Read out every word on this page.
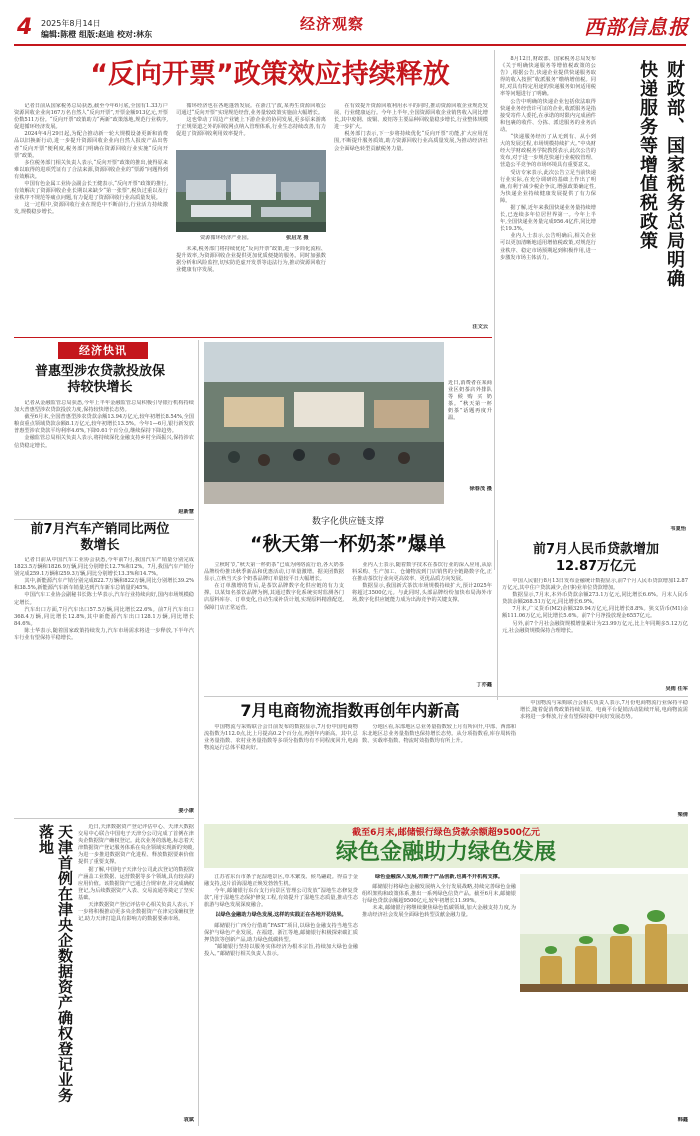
4 2025年8月14日
编辑:陈橙 组版:赵迪 校对:林东
经济观察	西部信息报
“反向开票”政策效应持续释放
记者日前从国家税务总局获悉,截至今年6月底,全国有1.33万户资源回收企业向167万名自然人“反向开票”,开票金额913亿元,开票份数511万份。“反向开票”政策助力“两新”政策落地,规范行业秩序,促进循环经济发展。
2024年4月29日起,为配合推动新一轮大规模设备更新和消费品以旧换新行动,进一步提升资源回收企业向自然人报废产品出售者“反向开票”便利度,税务部门明确在资源回收行业实施“反向开票”政策。
多位税务部门相关负责人表示,“反向开票”政策的推出,使得原来难以取得的进项凭证有了合法来源,资源回收企业的“票源”问题得到有效解决。
中国有色金属工业协会副会长王健表示,“反向开票”政策的推行,有效解决了资源回收企业长期以来缺少“第一张票”,税负过重以及行业秩序不规范等痛点问题,有力促进了资源回收行业高质量发展。
这一过程中,资源回收行业在规范中不断前行,行业活力持续激发,规模稳步增长。
循环经济也在各地蓬勃发展。在浙江宁波,某再生资源回收公司通过“反向开票”实现规范经营,业务量较政策实施前大幅增长。
这也带动了周边产业链上下游企业的协同发展,更多原来游离于正规渠道之外的回收网点纳入管理体系,行业生态持续改善,有力促进了资源回收利用效率提升。
资源循环经济产业园。	张启龙 摄
未来,税务部门将持续优化“反向开票”政策,进一步简化流程、提升效率,为资源回收企业提供更加优质便捷的服务。同时加强数据分析和风险监控,切实防范虚开发票等违法行为,推动资源回收行业健康有序发展。
在有效提升资源回收利用水平的同时,推动资源回收企业规范发展、行业健康运行。今年上半年,全国资源回收企业销售收入同比增长,其中废钢、废铜、废铝等主要品种回收量稳步增长,行业整体规模进一步扩大。
税务部门表示,下一步将持续优化“反向开票”功能,扩大应用范围,不断提升服务质效,助力资源回收行业高质量发展,为推动经济社会全面绿色转型贡献税务力量。
汪文云
8月12日,财政部、国家税务总局发布《关于明确快递服务等增值税政策的公告》,根据公告,快递企业提供快递服务取得的收入按照“收派服务”缴纳增值税。同时,对具有特定用途的快递服务如何适用税率等问题进行了明确。
公告中明确的快递企业包括依法取得快递业务经营许可证的企业,收派服务是指接受寄件人委托,在承诺的时限内完成函件和包裹的收件、分拣、派送服务的业务活动。
“快递服务经历了从无到有、从小到大的发展过程,市场规模持续扩大。”中央财经大学财政税务学院教授表示,此次公告的发布,对于进一步规范快递行业税收管理、营造公平竞争的市场环境具有重要意义。
受访专家表示,此次公告立足当前快递行业实际,在充分调研的基础上作出了明确,有利于减少税企争议,增强政策确定性,为快递企业持续健康发展提供了有力保障。
据了解,近年来我国快递业务量持续增长,已连续多年位居世界第一。今年上半年,全国快递业务量完成956.4亿件,同比增长19.3%。
业内人士表示,公告明确后,相关企业可以更加清晰地适用增值税政策,对规范行业秩序、稳定市场预期起到积极作用,进一步激发市场主体活力。	财政部、国家税务总局明确快递服务等增值税政策
韦夏怡
经济快讯
普惠型涉农贷款投放保持较快增长
记者从金融监管总局获悉,今年上半年金融监管总局积极引导银行机构持续加大普惠型涉农贷款投放力度,保持较快增长态势。
截至6月末,全国普惠型涉农贷款余额13.94万亿元,较年初增长8.54%,全国粮食重点领域贷款余额8.1万亿元,较年初增长13.5%。今年1—6月,银行新发放普惠型涉农贷款平均利率4.6%,下降0.61个百分点,继续保持下降趋势。
金融监管总局相关负责人表示,将持续深化金融支持乡村全面振兴,保持涉农信贷稳定增长。
赵新慧
前7月汽车产销同比两位数增长
记者日前从中国汽车工业协会获悉,今年前7月,我国汽车产销量分别完成1823.5万辆和1826.9万辆,同比分别增长12.7%和12%。7月,我国汽车产销分别完成259.1万辆和259.3万辆,同比分别增长13.3%和14.7%。
其中,新能源汽车产销分别完成822.7万辆和822万辆,同比分别增长39.2%和38.5%,新能源汽车新车销量达到汽车新车总销量的45%。
中国汽车工业协会副秘书长陈士华表示,汽车行业持续向好,国内市场规模稳定增长。
汽车出口方面,7月汽车出口57.5万辆,同比增长22.6%。前7月汽车出口368.4万辆,同比增长12.8%,其中新能源汽车出口128.1万辆,同比增长84.6%。
陈士华表示,随着国家政策持续发力,汽车市场需求将进一步释放,下半年汽车行业有望保持平稳增长。
姜小康
天津首例在津央企数据资产确权登记业务落地	近日,天津数据资产登记评估中心、天津大数据交易中心联合中国电子天津分公司完成了首例在津央企数据资产确权登记。此次业务的落地,标志着天津数据资产登记服务体系在央企领域实现新的突破,为进一步推进数据资产化进程、释放数据要素价值提供了重要支撑。
据了解,中国电子天津分公司此次登记的数据资产涵盖工业数据、运营数据等多个领域,具有较高的应用价值。该数据资产已通过合规审查,并完成确权登记,为后续数据资产入表、交易流通等奠定了坚实基础。
天津数据资产登记评估中心相关负责人表示,下一步将积极推动更多央企数据资产在津完成确权登记,助力天津打造具有影响力的数据要素市场。
袁斌
近日,消费者在某商业区奶茶店外排队等候购买奶茶。“秋天第一杯奶茶”话题再度升温。
徐春茂 摄
数字化供应链支撑
“秋天第一杯奶茶”爆单
立秋时节,“秋天第一杯奶茶”已成为网络流行语,各大奶茶品牌纷纷推出秋季新品和优惠活动,订单量激增。据美团数据显示,立秋当天多个奶茶品牌订单量较平日大幅增长。
在订单激增的背后,是茶饮品牌数字化供应链的有力支撑。以某知名茶饮品牌为例,其通过数字化系统实时监测各门店原料库存、订单变化,自动生成补货计划,实现原料精准配送,保障门店正常运营。
业内人士表示,随着数字技术在茶饮行业的深入应用,从原料采购、生产加工、仓储物流到门店销售的全链路数字化,正在推动茶饮行业向更高效率、更优品质方向发展。
数据显示,我国新式茶饮市场规模持续扩大,预计2025年将超过3500亿元。与此同时,头部品牌纷纷加快布局海外市场,数字化供应链能力成为出海竞争的关键支撑。
丁亦鑫
前7月人民币贷款增加12.87万亿元
中国人民银行8月13日发布金融统计数据显示,前7个月人民币贷款增加12.87万亿元,其中住户贷款减少,企(事)业单位贷款增加。
数据显示,7月末,本外币贷款余额273.1万亿元,同比增长6.6%。月末人民币贷款余额268.51万亿元,同比增长6.9%。
7月末,广义货币(M2)余额329.94万亿元,同比增长8.8%。狭义货币(M1)余额111.06万亿元,同比增长5.6%。前7个月净投放现金6557亿元。
另外,前7个月社会融资规模增量累计为23.99万亿元,比上年同期多5.12万亿元,社会融资规模保持合理增长。
吴雨 任军
7月电商物流指数再创年内新高
中国物流与采购联合会日前发布的数据显示,7月份中国电商物流指数为112.0点,比上月提高0.2个百分点,再创年内新高。其中,总业务量指数、农村业务量指数等多项分指数均有不同程度回升,电商物流运行总体平稳向好。
分地区看,东部地区总业务量指数较上月有所回升,中部、西部和东北地区总业务量指数也保持增长态势。从分项指数看,库存周转指数、实载率指数、物流时效指数均有所上升。
中国物流与采购联合会相关负责人表示,7月份电商物流行业保持平稳增长,随着促消费政策持续显效、电商平台促销活动陆续开展,电商物流需求将进一步释放,行业有望保持稳中向好发展态势。
梁倩
截至6月末,邮储银行绿色贷款余额超9500亿元
绿色金融助力绿色发展
江苏省东台市条子泥湿地景区,草木繁茂、候鸟翩跹。得益于金融支持,这片沿海湿地正焕发勃勃生机。
今年,邮储银行东台支行向景区管理公司发放“湿地生态修复贷款”,用于湿地生态保护修复工程,有效提升了湿地生态质量,推动生态旅游与绿色发展深度融合。
以绿色金融助力绿色发展,这样的实践正在各地开花结果。
邮储银行广西分行借助“FAST”项目,以绿色金融支持当地生态保护与绿色产业发展。在福建、浙江等地,邮储银行积极探索碳汇质押贷款等创新产品,助力绿色低碳转型。
“邮储银行坚持以服务实体经济为根本宗旨,持续加大绿色金融投入。”邮储银行相关负责人表示。
绿色金融深入发展,有赖于产品创新,也离不开机构支撑。
邮储银行将绿色金融发展纳入全行发展战略,持续完善绿色金融组织架构和政策体系,推出一系列绿色信贷产品。截至6月末,邮储银行绿色贷款余额超9500亿元,较年初增长11.99%。
未来,邮储银行将继续聚焦绿色低碳领域,加大金融支持力度,为推动经济社会发展全面绿色转型贡献金融力量。
韩鑫
